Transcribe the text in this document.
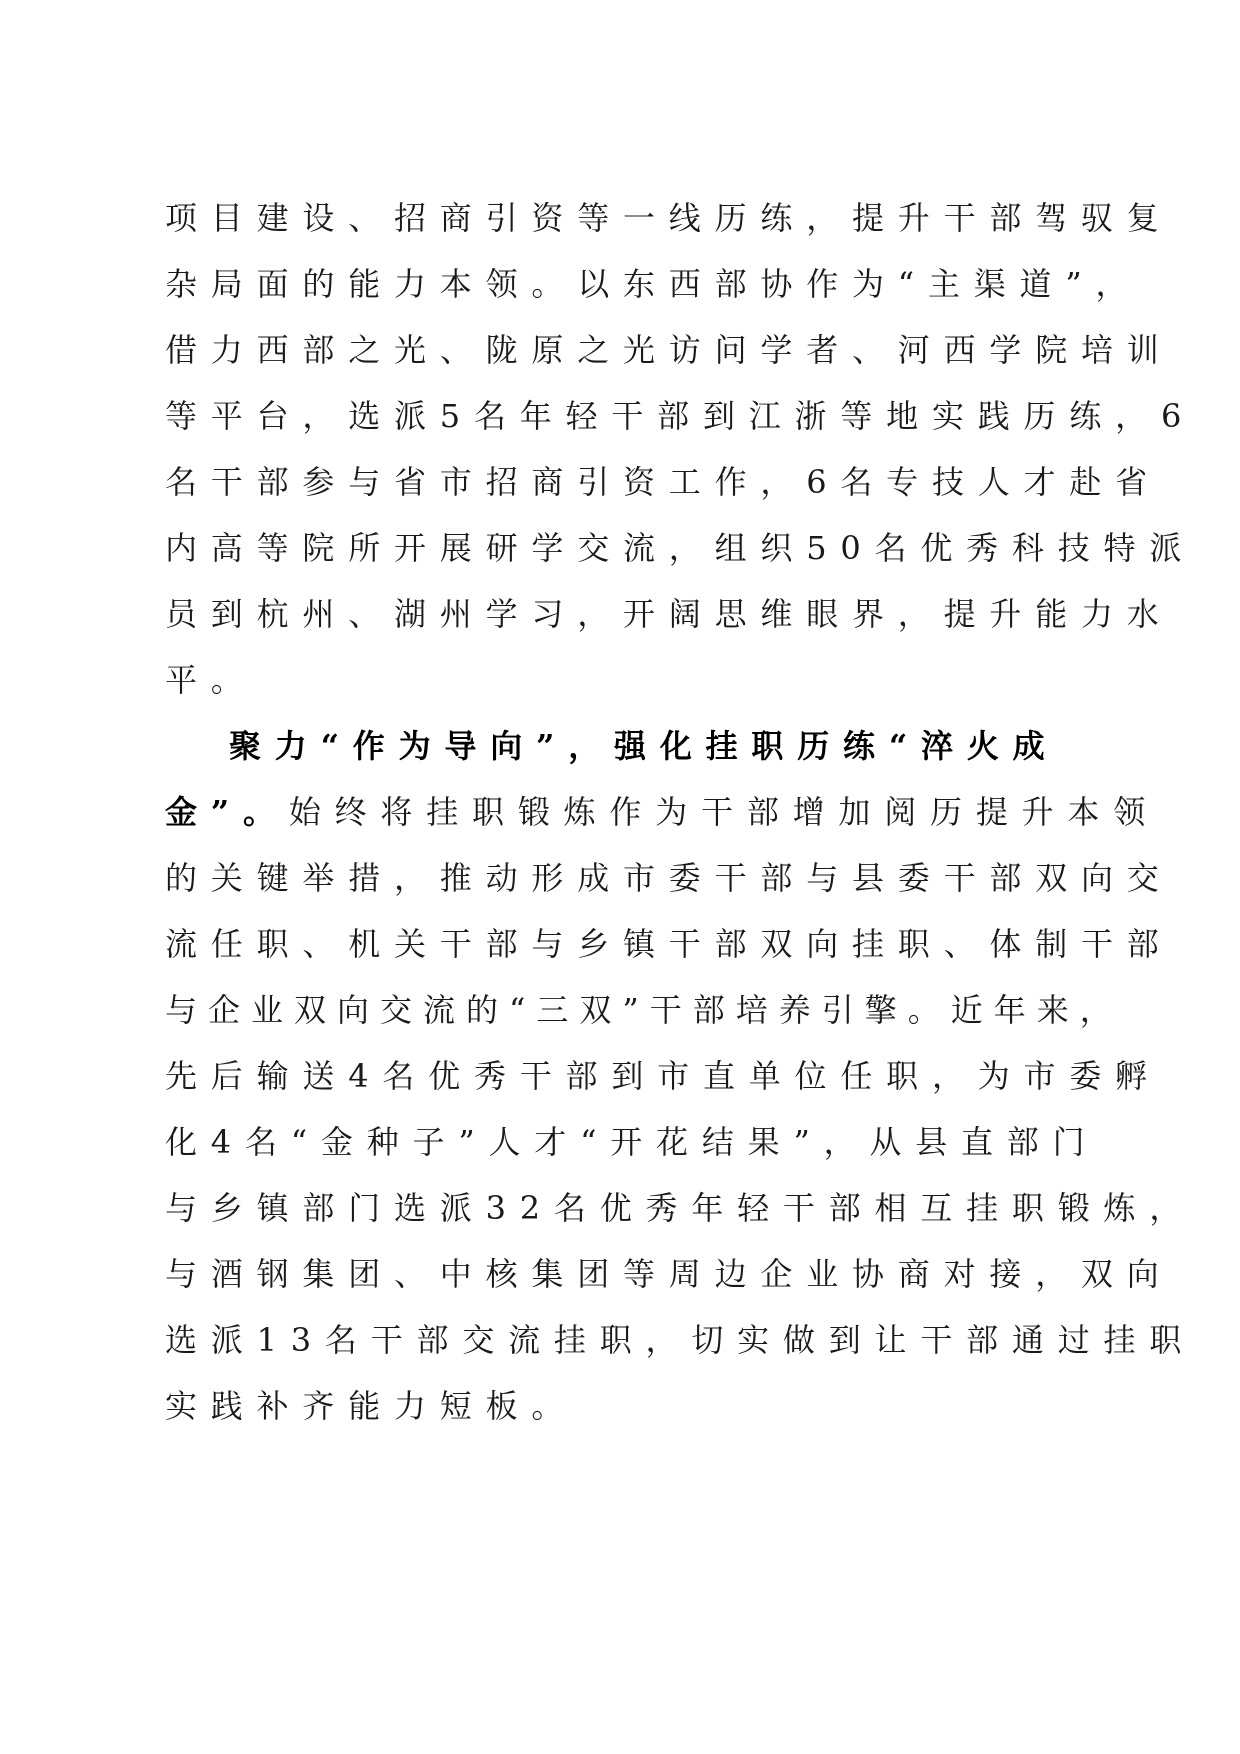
项目建设、招商引资等一线历练，提升干部驾驭复
杂局面的能力本领。以东西部协作为“主渠道”，
借力西部之光、陇原之光访问学者、河西学院培训
等平台，选派5名年轻干部到江浙等地实践历练，6
名干部参与省市招商引资工作，6名专技人才赴省
内高等院所开展研学交流，组织50名优秀科技特派
员到杭州、湖州学习，开阔思维眼界，提升能力水
平。
聚力“作为导向”，强化挂职历练“淬火成
金”。始终将挂职锻炼作为干部增加阅历提升本领
的关键举措，推动形成市委干部与县委干部双向交
流任职、机关干部与乡镇干部双向挂职、体制干部
与企业双向交流的“三双”干部培养引擎。近年来，
先后输送4名优秀干部到市直单位任职，为市委孵
化4名“金种子”人才“开花结果”，从县直部门
与乡镇部门选派32名优秀年轻干部相互挂职锻炼，
与酒钢集团、中核集团等周边企业协商对接，双向
选派13名干部交流挂职，切实做到让干部通过挂职
实践补齐能力短板。
